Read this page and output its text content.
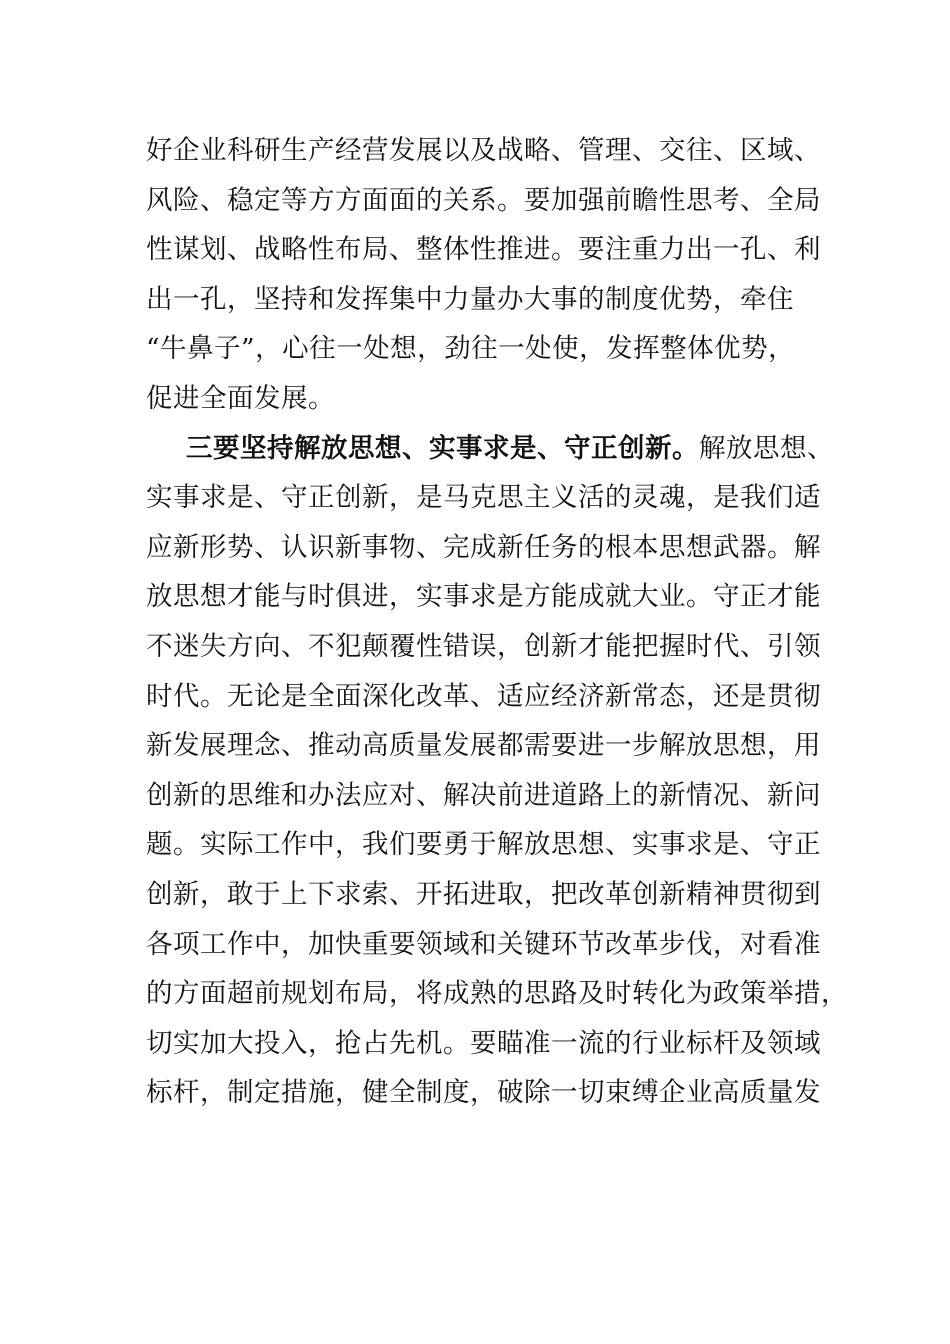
好企业科研生产经营发展以及战略、管理、交往、区域、
风险、稳定等方方面面的关系。要加强前瞻性思考、全局
性谋划、战略性布局、整体性推进。要注重力出一孔、利
出一孔，坚持和发挥集中力量办大事的制度优势，牵住
“牛鼻子”，心往一处想，劲往一处使，发挥整体优势，
促进全面发展。
三要坚持解放思想、实事求是、守正创新。解放思想、
实事求是、守正创新，是马克思主义活的灵魂，是我们适
应新形势、认识新事物、完成新任务的根本思想武器。解
放思想才能与时俱进，实事求是方能成就大业。守正才能
不迷失方向、不犯颠覆性错误，创新才能把握时代、引领
时代。无论是全面深化改革、适应经济新常态，还是贯彻
新发展理念、推动高质量发展都需要进一步解放思想，用
创新的思维和办法应对、解决前进道路上的新情况、新问
题。实际工作中，我们要勇于解放思想、实事求是、守正
创新，敢于上下求索、开拓进取，把改革创新精神贯彻到
各项工作中，加快重要领域和关键环节改革步伐，对看准
的方面超前规划布局，将成熟的思路及时转化为政策举措，
切实加大投入，抢占先机。要瞄准一流的行业标杆及领域
标杆，制定措施，健全制度，破除一切束缚企业高质量发
